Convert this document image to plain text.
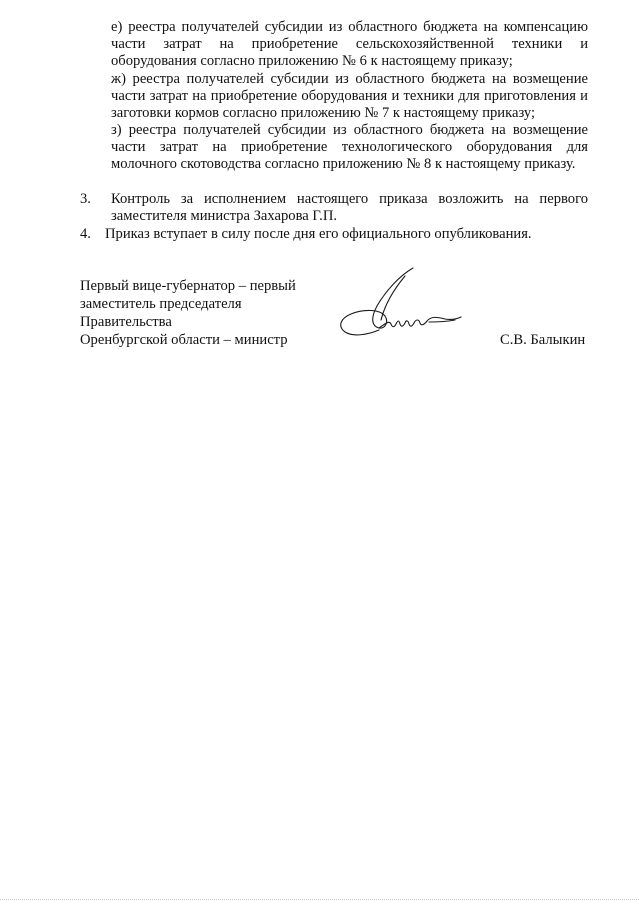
е) реестра получателей субсидии из областного бюджета на компенсацию части затрат на приобретение сельскохозяйственной техники и оборудования согласно приложению № 6 к настоящему приказу;

ж) реестра получателей субсидии из областного бюджета на возмещение части затрат на приобретение оборудования и техники для приготовления и заготовки кормов согласно приложению № 7 к настоящему приказу;

з) реестра получателей субсидии из областного бюджета на возмещение части затрат на приобретение технологического оборудования для молочного скотоводства согласно приложению № 8 к настоящему приказу.

3. Контроль за исполнением настоящего приказа возложить на первого заместителя министра Захарова Г.П.
4. Приказ вступает в силу после дня его официального опубликования.
Первый вице-губернатор – первый
заместитель председателя
Правительства
Оренбургской области – министр	С.В. Балыкин
